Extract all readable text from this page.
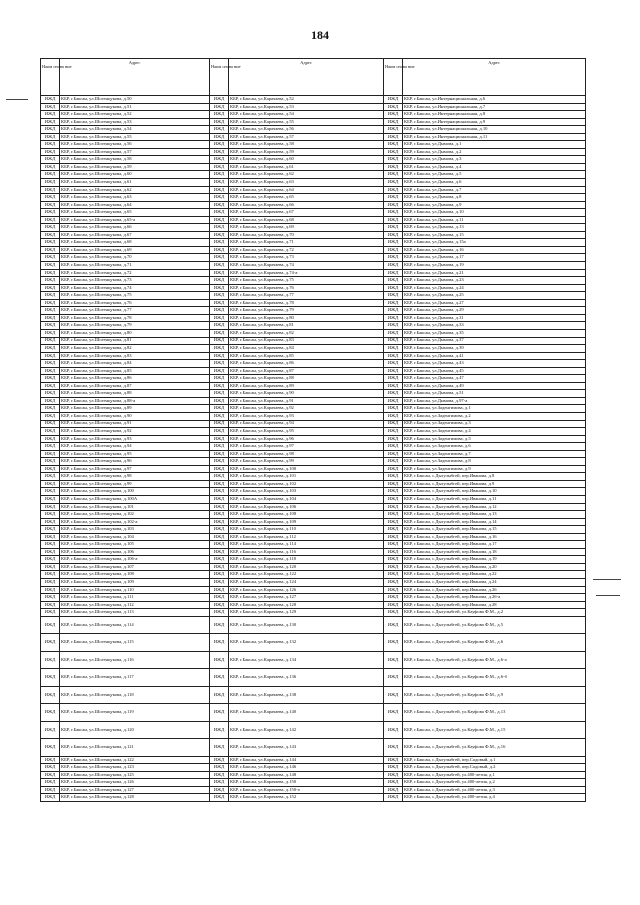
184
Наим снова ние	Адрес	Наим снова ние	Адрес	Наим снова ние	Адрес
ИЖД	КБР, г.Баксан, ул.Шогенцукова, д.50	ИЖД	КБР, г.Баксан, ул.Карачаева, д.52	ИЖД	КБР, г.Баксан, ул.Интернациональная, д.6
ИЖД	КБР, г.Баксан, ул.Шогенцукова, д.51	ИЖД	КБР, г.Баксан, ул.Карачаева, д.53	ИЖД	КБР, г.Баксан, ул.Интернациональная, д.7
ИЖД	КБР, г.Баксан, ул.Шогенцукова, д.52	ИЖД	КБР, г.Баксан, ул.Карачаева, д.54	ИЖД	КБР, г.Баксан, ул.Интернациональная, д.8
ИЖД	КБР, г.Баксан, ул.Шогенцукова, д.53	ИЖД	КБР, г.Баксан, ул.Карачаева, д.55	ИЖД	КБР, г.Баксан, ул.Интернациональная, д.9
ИЖД	КБР, г.Баксан, ул.Шогенцукова, д.54	ИЖД	КБР, г.Баксан, ул.Карачаева, д.56	ИЖД	КБР, г.Баксан, ул.Интернациональная, д.10
ИЖД	КБР, г.Баксан, ул.Шогенцукова, д.55	ИЖД	КБР, г.Баксан, ул.Карачаева, д.57	ИЖД	КБР, г.Баксан, ул.Интернациональная, д.11
ИЖД	КБР, г.Баксан, ул.Шогенцукова, д.56	ИЖД	КБР, г.Баксан, ул.Карачаева, д.58	ИЖД	КБР, г.Баксан, ул.Дымова, д.1
ИЖД	КБР, г.Баксан, ул.Шогенцукова, д.57	ИЖД	КБР, г.Баксан, ул.Карачаева, д.59	ИЖД	КБР, г.Баксан, ул.Дымова, д.2
ИЖД	КБР, г.Баксан, ул.Шогенцукова, д.58	ИЖД	КБР, г.Баксан, ул.Карачаева, д.60	ИЖД	КБР, г.Баксан, ул.Дымова, д.3
ИЖД	КБР, г.Баксан, ул.Шогенцукова, д.59	ИЖД	КБР, г.Баксан, ул.Карачаева, д.61	ИЖД	КБР, г.Баксан, ул.Дымова, д.4
ИЖД	КБР, г.Баксан, ул.Шогенцукова, д.60	ИЖД	КБР, г.Баксан, ул.Карачаева, д.62	ИЖД	КБР, г.Баксан, ул.Дымова, д.5
ИЖД	КБР, г.Баксан, ул.Шогенцукова, д.61	ИЖД	КБР, г.Баксан, ул.Карачаева, д.63	ИЖД	КБР, г.Баксан, ул.Дымова, д.6
ИЖД	КБР, г.Баксан, ул.Шогенцукова, д.62	ИЖД	КБР, г.Баксан, ул.Карачаева, д.64	ИЖД	КБР, г.Баксан, ул.Дымова, д.7
ИЖД	КБР, г.Баксан, ул.Шогенцукова, д.63	ИЖД	КБР, г.Баксан, ул.Карачаева, д.65	ИЖД	КБР, г.Баксан, ул.Дымова, д.8
ИЖД	КБР, г.Баксан, ул.Шогенцукова, д.64	ИЖД	КБР, г.Баксан, ул.Карачаева, д.66	ИЖД	КБР, г.Баксан, ул.Дымова, д.9
ИЖД	КБР, г.Баксан, ул.Шогенцукова, д.65	ИЖД	КБР, г.Баксан, ул.Карачаева, д.67	ИЖД	КБР, г.Баксан, ул.Дымова, д.10
ИЖД	КБР, г.Баксан, ул.Шогенцукова, д.65-а	ИЖД	КБР, г.Баксан, ул.Карачаева, д.68	ИЖД	КБР, г.Баксан, ул.Дымова, д.11
ИЖД	КБР, г.Баксан, ул.Шогенцукова, д.66	ИЖД	КБР, г.Баксан, ул.Карачаева, д.69	ИЖД	КБР, г.Баксан, ул.Дымова, д.13
ИЖД	КБР, г.Баксан, ул.Шогенцукова, д.67	ИЖД	КБР, г.Баксан, ул.Карачаева, д.70	ИЖД	КБР, г.Баксан, ул.Дымова, д.15
ИЖД	КБР, г.Баксан, ул.Шогенцукова, д.68	ИЖД	КБР, г.Баксан, ул.Карачаева, д.71	ИЖД	КБР, г.Баксан, ул.Дымова, д.15а
ИЖД	КБР, г.Баксан, ул.Шогенцукова, д.69	ИЖД	КБР, г.Баксан, ул.Карачаева, д.72	ИЖД	КБР, г.Баксан, ул.Дымова, д.16
ИЖД	КБР, г.Баксан, ул.Шогенцукова, д.70	ИЖД	КБР, г.Баксан, ул.Карачаева, д.73	ИЖД	КБР, г.Баксан, ул.Дымова, д.17
ИЖД	КБР, г.Баксан, ул.Шогенцукова, д.71	ИЖД	КБР, г.Баксан, ул.Карачаева, д.74	ИЖД	КБР, г.Баксан, ул.Дымова, д.19
ИЖД	КБР, г.Баксан, ул.Шогенцукова, д.72	ИЖД	КБР, г.Баксан, ул.Карачаева, д.74-а	ИЖД	КБР, г.Баксан, ул.Дымова, д.21
ИЖД	КБР, г.Баксан, ул.Шогенцукова, д.73	ИЖД	КБР, г.Баксан, ул.Карачаева, д.75	ИЖД	КБР, г.Баксан, ул.Дымова, д.23
ИЖД	КБР, г.Баксан, ул.Шогенцукова, д.74	ИЖД	КБР, г.Баксан, ул.Карачаева, д.76	ИЖД	КБР, г.Баксан, ул.Дымова, д.24
ИЖД	КБР, г.Баксан, ул.Шогенцукова, д.75	ИЖД	КБР, г.Баксан, ул.Карачаева, д.77	ИЖД	КБР, г.Баксан, ул.Дымова, д.25
ИЖД	КБР, г.Баксан, ул.Шогенцукова, д.76	ИЖД	КБР, г.Баксан, ул.Карачаева, д.78	ИЖД	КБР, г.Баксан, ул.Дымова, д.27
ИЖД	КБР, г.Баксан, ул.Шогенцукова, д.77	ИЖД	КБР, г.Баксан, ул.Карачаева, д.79	ИЖД	КБР, г.Баксан, ул.Дымова, д.29
ИЖД	КБР, г.Баксан, ул.Шогенцукова, д.78	ИЖД	КБР, г.Баксан, ул.Карачаева, д.80	ИЖД	КБР, г.Баксан, ул.Дымова, д.31
ИЖД	КБР, г.Баксан, ул.Шогенцукова, д.79	ИЖД	КБР, г.Баксан, ул.Карачаева, д.81	ИЖД	КБР, г.Баксан, ул.Дымова, д.33
ИЖД	КБР, г.Баксан, ул.Шогенцукова, д.80	ИЖД	КБР, г.Баксан, ул.Карачаева, д.82	ИЖД	КБР, г.Баксан, ул.Дымова, д.35
ИЖД	КБР, г.Баксан, ул.Шогенцукова, д.81	ИЖД	КБР, г.Баксан, ул.Карачаева, д.83	ИЖД	КБР, г.Баксан, ул.Дымова, д.37
ИЖД	КБР, г.Баксан, ул.Шогенцукова, д.82	ИЖД	КБР, г.Баксан, ул.Карачаева, д.84	ИЖД	КБР, г.Баксан, ул.Дымова, д.39
ИЖД	КБР, г.Баксан, ул.Шогенцукова, д.83	ИЖД	КБР, г.Баксан, ул.Карачаева, д.85	ИЖД	КБР, г.Баксан, ул.Дымова, д.41
ИЖД	КБР, г.Баксан, ул.Шогенцукова, д.84	ИЖД	КБР, г.Баксан, ул.Карачаева, д.86	ИЖД	КБР, г.Баксан, ул.Дымова, д.43
ИЖД	КБР, г.Баксан, ул.Шогенцукова, д.85	ИЖД	КБР, г.Баксан, ул.Карачаева, д.87	ИЖД	КБР, г.Баксан, ул.Дымова, д.45
ИЖД	КБР, г.Баксан, ул.Шогенцукова, д.86	ИЖД	КБР, г.Баксан, ул.Карачаева, д.88	ИЖД	КБР, г.Баксан, ул.Дымова, д.47
ИЖД	КБР, г.Баксан, ул.Шогенцукова, д.87	ИЖД	КБР, г.Баксан, ул.Карачаева, д.89	ИЖД	КБР, г.Баксан, ул.Дымова, д.49
ИЖД	КБР, г.Баксан, ул.Шогенцукова, д.88	ИЖД	КБР, г.Баксан, ул.Карачаева, д.90	ИЖД	КБР, г.Баксан, ул.Дымова, д.51
ИЖД	КБР, г.Баксан, ул.Шогенцукова, д.88-а	ИЖД	КБР, г.Баксан, ул.Карачаева, д.91	ИЖД	КБР, г.Баксан, ул.Дымова, д.97-а
ИЖД	КБР, г.Баксан, ул.Шогенцукова, д.89	ИЖД	КБР, г.Баксан, ул.Карачаева, д.92	ИЖД	КБР, г.Баксан, ул.Заденгимова, д.1
ИЖД	КБР, г.Баксан, ул.Шогенцукова, д.90	ИЖД	КБР, г.Баксан, ул.Карачаева, д.93	ИЖД	КБР, г.Баксан, ул.Заденгимова, д.2
ИЖД	КБР, г.Баксан, ул.Шогенцукова, д.91	ИЖД	КБР, г.Баксан, ул.Карачаева, д.94	ИЖД	КБР, г.Баксан, ул.Заденгимова, д.3
ИЖД	КБР, г.Баксан, ул.Шогенцукова, д.92	ИЖД	КБР, г.Баксан, ул.Карачаева, д.95	ИЖД	КБР, г.Баксан, ул.Заденгимова, д.4
ИЖД	КБР, г.Баксан, ул.Шогенцукова, д.93	ИЖД	КБР, г.Баксан, ул.Карачаева, д.96	ИЖД	КБР, г.Баксан, ул.Заденгимова, д.5
ИЖД	КБР, г.Баксан, ул.Шогенцукова, д.94	ИЖД	КБР, г.Баксан, ул.Карачаева, д.97	ИЖД	КБР, г.Баксан, ул.Заденгимова, д.6
ИЖД	КБР, г.Баксан, ул.Шогенцукова, д.95	ИЖД	КБР, г.Баксан, ул.Карачаева, д.98	ИЖД	КБР, г.Баксан, ул.Заденгимова, д.7
ИЖД	КБР, г.Баксан, ул.Шогенцукова, д.96	ИЖД	КБР, г.Баксан, ул.Карачаева, д.99	ИЖД	КБР, г.Баксан, ул.Заденгимова, д.8
ИЖД	КБР, г.Баксан, ул.Шогенцукова, д.97	ИЖД	КБР, г.Баксан, ул.Карачаева, д.100	ИЖД	КБР, г.Баксан, ул.Заденгимова, д.9
ИЖД	КБР, г.Баксан, ул.Шогенцукова, д.98	ИЖД	КБР, г.Баксан, ул.Карачаева, д.101	ИЖД	КБР, г.Баксан, с.Дыгулыбгей, пер.Иванова, д.8
ИЖД	КБР, г.Баксан, ул.Шогенцукова, д.99	ИЖД	КБР, г.Баксан, ул.Карачаева, д.102	ИЖД	КБР, г.Баксан, с.Дыгулыбгей, пер.Иванова, д.9
ИЖД	КБР, г.Баксан, ул.Шогенцукова, д.100	ИЖД	КБР, г.Баксан, ул.Карачаева, д.103	ИЖД	КБР, г.Баксан, с.Дыгулыбгей, пер.Иванова, д.10
ИЖД	КБР, г.Баксан, ул.Шогенцукова, д.100А	ИЖД	КБР, г.Баксан, ул.Карачаева, д.104	ИЖД	КБР, г.Баксан, с.Дыгулыбгей, пер.Иванова, д.11
ИЖД	КБР, г.Баксан, ул.Шогенцукова, д.101	ИЖД	КБР, г.Баксан, ул.Карачаева, д.106	ИЖД	КБР, г.Баксан, с.Дыгулыбгей, пер.Иванова, д.12
ИЖД	КБР, г.Баксан, ул.Шогенцукова, д.102	ИЖД	КБР, г.Баксан, ул.Карачаева, д.108	ИЖД	КБР, г.Баксан, с.Дыгулыбгей, пер.Иванова, д.13
ИЖД	КБР, г.Баксан, ул.Шогенцукова, д.102-а	ИЖД	КБР, г.Баксан, ул.Карачаева, д.109	ИЖД	КБР, г.Баксан, с.Дыгулыбгей, пер.Иванова, д.14
ИЖД	КБР, г.Баксан, ул.Шогенцукова, д.103	ИЖД	КБР, г.Баксан, ул.Карачаева, д.110	ИЖД	КБР, г.Баксан, с.Дыгулыбгей, пер.Иванова, д.15
ИЖД	КБР, г.Баксан, ул.Шогенцукова, д.104	ИЖД	КБР, г.Баксан, ул.Карачаева, д.112	ИЖД	КБР, г.Баксан, с.Дыгулыбгей, пер.Иванова, д.16
ИЖД	КБР, г.Баксан, ул.Шогенцукова, д.105	ИЖД	КБР, г.Баксан, ул.Карачаева, д.114	ИЖД	КБР, г.Баксан, с.Дыгулыбгей, пер.Иванова, д.17
ИЖД	КБР, г.Баксан, ул.Шогенцукова, д.106	ИЖД	КБР, г.Баксан, ул.Карачаева, д.116	ИЖД	КБР, г.Баксан, с.Дыгулыбгей, пер.Иванова, д.18
ИЖД	КБР, г.Баксан, ул.Шогенцукова, д.106-а	ИЖД	КБР, г.Баксан, ул.Карачаева, д.118	ИЖД	КБР, г.Баксан, с.Дыгулыбгей, пер.Иванова, д.19
ИЖД	КБР, г.Баксан, ул.Шогенцукова, д.107	ИЖД	КБР, г.Баксан, ул.Карачаева, д.120	ИЖД	КБР, г.Баксан, с.Дыгулыбгей, пер.Иванова, д.20
ИЖД	КБР, г.Баксан, ул.Шогенцукова, д.108	ИЖД	КБР, г.Баксан, ул.Карачаева, д.122	ИЖД	КБР, г.Баксан, с.Дыгулыбгей, пер.Иванова, д.22
ИЖД	КБР, г.Баксан, ул.Шогенцукова, д.109	ИЖД	КБР, г.Баксан, ул.Карачаева, д.124	ИЖД	КБР, г.Баксан, с.Дыгулыбгей, пер.Иванова, д.24
ИЖД	КБР, г.Баксан, ул.Шогенцукова, д.110	ИЖД	КБР, г.Баксан, ул.Карачаева, д.126	ИЖД	КБР, г.Баксан, с.Дыгулыбгей, пер.Иванова, д.26
ИЖД	КБР, г.Баксан, ул.Шогенцукова, д.111	ИЖД	КБР, г.Баксан, ул.Карачаева, д.127	ИЖД	КБР, г.Баксан, с.Дыгулыбгей, пер.Иванова, д.26-а
ИЖД	КБР, г.Баксан, ул.Шогенцукова, д.112	ИЖД	КБР, г.Баксан, ул.Карачаева, д.128	ИЖД	КБР, г.Баксан, с.Дыгулыбгей, пер.Иванова, д.28
ИЖД	КБР, г.Баксан, ул.Шогенцукова, д.113	ИЖД	КБР, г.Баксан, ул.Карачаева, д.129	ИЖД	КБР, г.Баксан, с.Дыгулыбгей, ул.Кауфова Ф.М., д.2
ИЖД	КБР, г.Баксан, ул.Шогенцукова, д.114	ИЖД	КБР, г.Баксан, ул.Карачаева, д.130	ИЖД	КБР, г.Баксан, с.Дыгулыбгей, ул.Кауфова Ф.М., д.5
ИЖД	КБР, г.Баксан, ул.Шогенцукова, д.115	ИЖД	КБР, г.Баксан, ул.Карачаева, д.132	ИЖД	КБР, г.Баксан, с.Дыгулыбгей, ул.Кауфова Ф.М., д.6
ИЖД	КБР, г.Баксан, ул.Шогенцукова, д.116	ИЖД	КБР, г.Баксан, ул.Карачаева, д.134	ИЖД	КБР, г.Баксан, с.Дыгулыбгей, ул.Кауфова Ф.М., д.6-а
ИЖД	КБР, г.Баксан, ул.Шогенцукова, д.117	ИЖД	КБР, г.Баксан, ул.Карачаева, д.136	ИЖД	КБР, г.Баксан, с.Дыгулыбгей, ул.Кауфова Ф.М., д.6-б
ИЖД	КБР, г.Баксан, ул.Шогенцукова, д.118	ИЖД	КБР, г.Баксан, ул.Карачаева, д.138	ИЖД	КБР, г.Баксан, с.Дыгулыбгей, ул.Кауфова Ф.М., д.9
ИЖД	КБР, г.Баксан, ул.Шогенцукова, д.119	ИЖД	КБР, г.Баксан, ул.Карачаева, д.140	ИЖД	КБР, г.Баксан, с.Дыгулыбгей, ул.Кауфова Ф.М., д.13
ИЖД	КБР, г.Баксан, ул.Шогенцукова, д.120	ИЖД	КБР, г.Баксан, ул.Карачаева, д.142	ИЖД	КБР, г.Баксан, с.Дыгулыбгей, ул.Кауфова Ф.М., д.15
ИЖД	КБР, г.Баксан, ул.Шогенцукова, д.121	ИЖД	КБР, г.Баксан, ул.Карачаева, д.143	ИЖД	КБР, г.Баксан, с.Дыгулыбгей, ул.Кауфова Ф.М., д.16
ИЖД	КБР, г.Баксан, ул.Шогенцукова, д.122	ИЖД	КБР, г.Баксан, ул.Карачаева, д.144	ИЖД	КБР, г.Баксан, с.Дыгулыбгей, пер.Садовый, д.1
ИЖД	КБР, г.Баксан, ул.Шогенцукова, д.123	ИЖД	КБР, г.Баксан, ул.Карачаева, д.146	ИЖД	КБР, г.Баксан, с.Дыгулыбгей, пер.Садовый, д.2
ИЖД	КБР, г.Баксан, ул.Шогенцукова, д.125	ИЖД	КБР, г.Баксан, ул.Карачаева, д.148	ИЖД	КБР, г.Баксан, с.Дыгулыбгей, ул.400-летия, д.1
ИЖД	КБР, г.Баксан, ул.Шогенцукова, д.126	ИЖД	КБР, г.Баксан, ул.Карачаева, д.150	ИЖД	КБР, г.Баксан, с.Дыгулыбгей, ул.400-летия, д.2
ИЖД	КБР, г.Баксан, ул.Шогенцукова, д.127	ИЖД	КБР, г.Баксан, ул.Карачаева, д.150-а	ИЖД	КБР, г.Баксан, с.Дыгулыбгей, ул.400-летия, д.3
ИЖД	КБР, г.Баксан, ул.Шогенцукова, д.128	ИЖД	КБР, г.Баксан, ул.Карачаева, д.152	ИЖД	КБР, г.Баксан, с.Дыгулыбгей, ул.400-летия, д.4
